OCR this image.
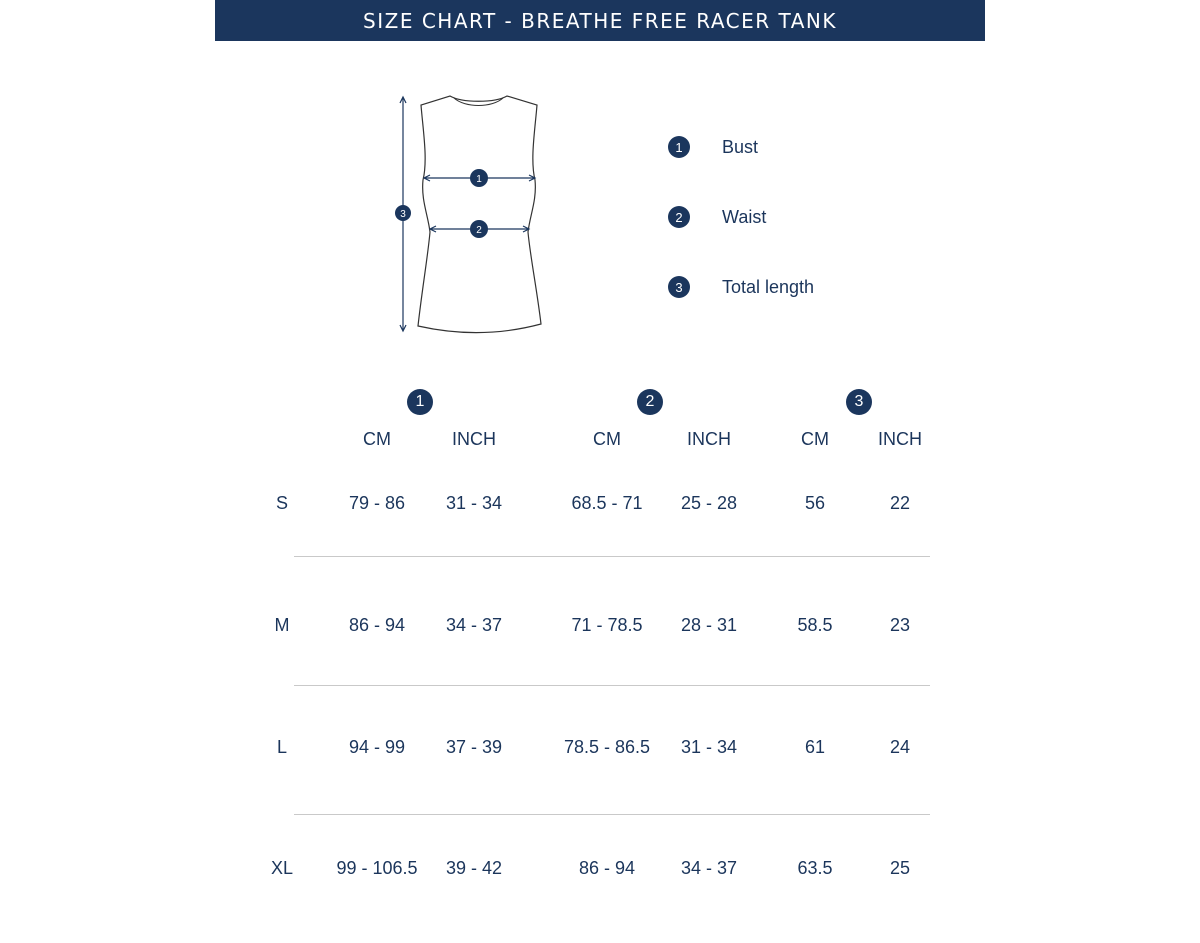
SIZE CHART - BREATHE FREE RACER TANK
1
2
3
1	Bust
2	Waist
3	Total length
1	2	3
CM	INCH	CM	INCH	CM	INCH
S	79 - 86	31 - 34	68.5 - 71	25 - 28	56	22
M	86 - 94	34 - 37	71 - 78.5	28 - 31	58.5	23
L	94 - 99	37 - 39	78.5 - 86.5	31 - 34	61	24
XL	99 - 106.5	39 - 42	86 - 94	34 - 37	63.5	25
